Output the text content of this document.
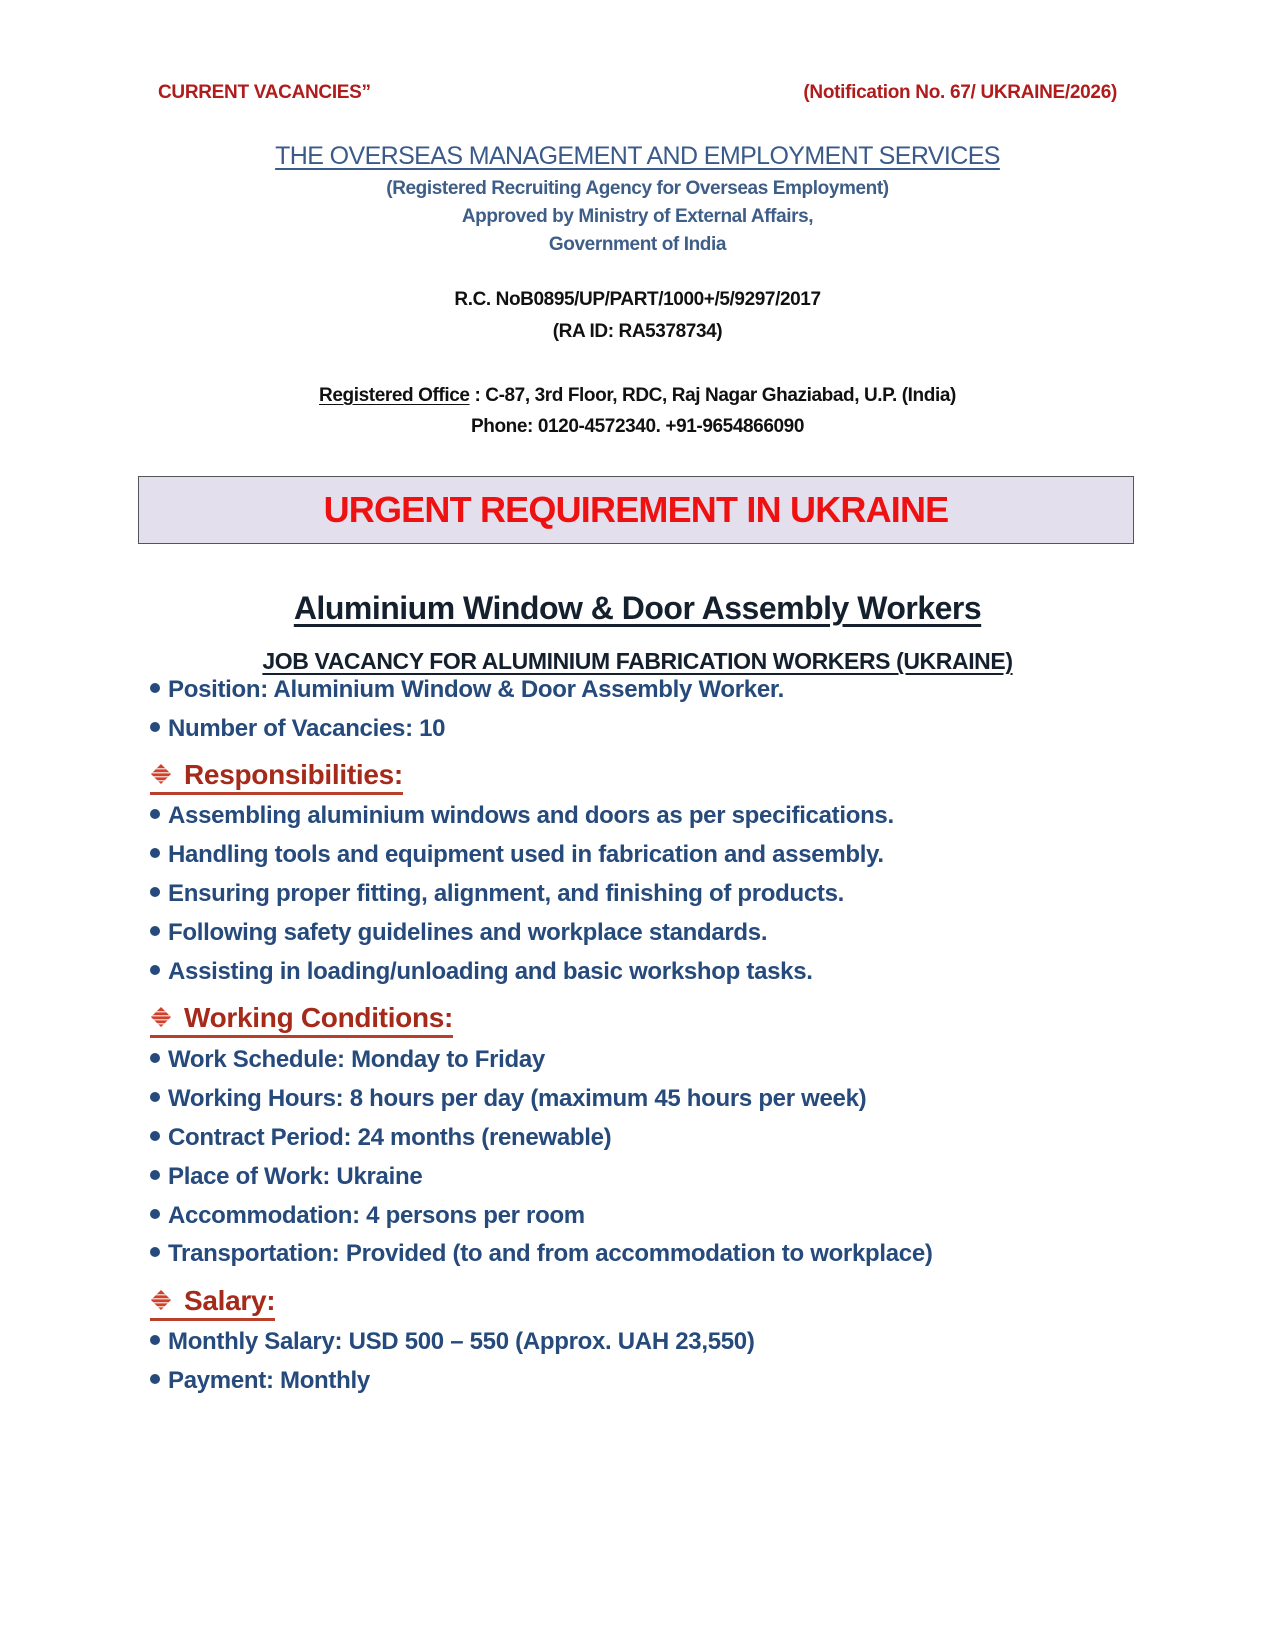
CURRENT VACANCIES”	(Notification No. 67/ UKRAINE/2026)
THE OVERSEAS MANAGEMENT AND EMPLOYMENT SERVICES
(Registered Recruiting Agency for Overseas Employment)
Approved by Ministry of External Affairs,
Government of India
R.C. NoB0895/UP/PART/1000+/5/9297/2017
(RA ID: RA5378734)
Registered Office : C-87, 3rd Floor, RDC, Raj Nagar Ghaziabad, U.P. (India)
Phone: 0120-4572340. +91-9654866090
URGENT REQUIREMENT IN UKRAINE
Aluminium Window & Door Assembly Workers
JOB VACANCY FOR ALUMINIUM FABRICATION WORKERS (UKRAINE)
Position: Aluminium Window & Door Assembly Worker.
Number of Vacancies: 10
Responsibilities:
Assembling aluminium windows and doors as per specifications.
Handling tools and equipment used in fabrication and assembly.
Ensuring proper fitting, alignment, and finishing of products.
Following safety guidelines and workplace standards.
Assisting in loading/unloading and basic workshop tasks.
Working Conditions:
Work Schedule: Monday to Friday
Working Hours: 8 hours per day (maximum 45 hours per week)
Contract Period: 24 months (renewable)
Place of Work: Ukraine
Accommodation: 4 persons per room
Transportation: Provided (to and from accommodation to workplace)
Salary:
Monthly Salary: USD 500 – 550 (Approx. UAH 23,550)
Payment: Monthly
